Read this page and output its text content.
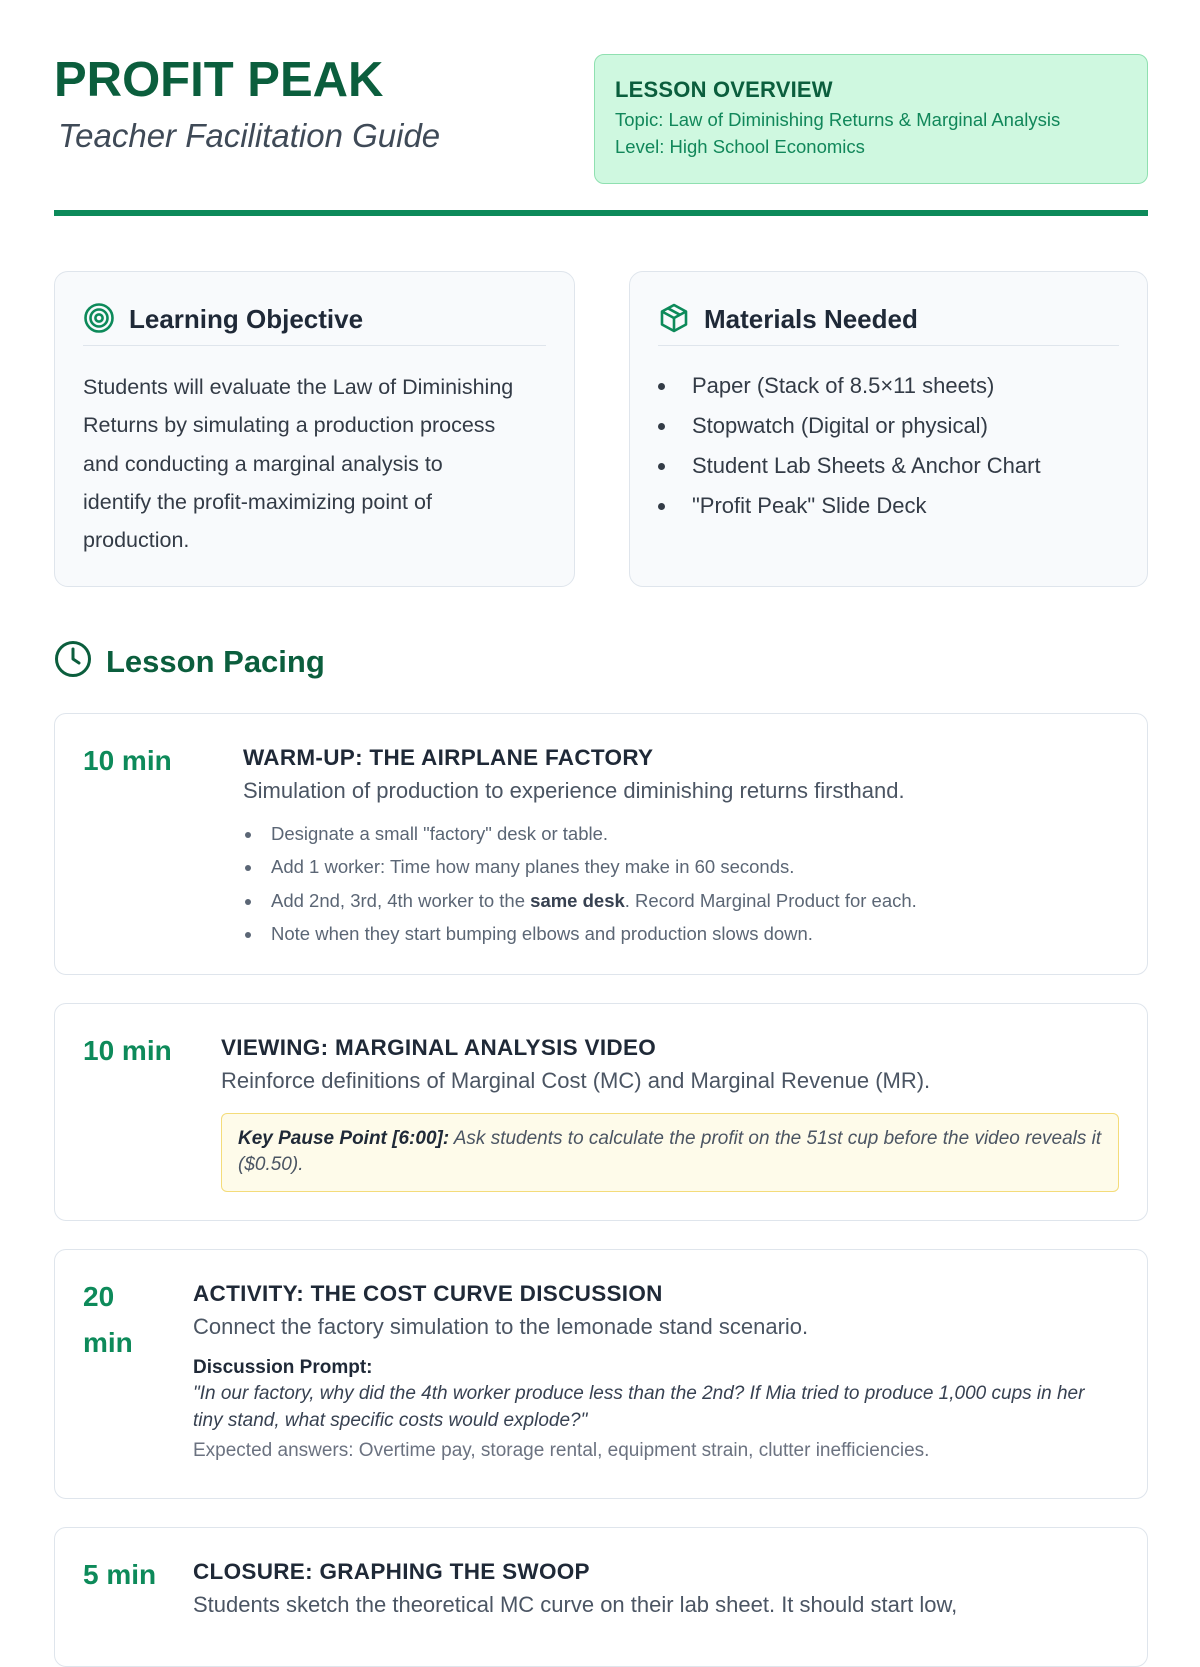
PROFIT PEAK
Teacher Facilitation Guide
LESSON OVERVIEW
Topic: Law of Diminishing Returns & Marginal Analysis
Level: High School Economics
Learning Objective
Students will evaluate the Law of Diminishing Returns by simulating a production process and conducting a marginal analysis to identify the profit-maximizing point of production.
Materials Needed
Paper (Stack of 8.5×11 sheets)
Stopwatch (Digital or physical)
Student Lab Sheets & Anchor Chart
"Profit Peak" Slide Deck
Lesson Pacing
10 min	WARM-UP: THE AIRPLANE FACTORY
Simulation of production to experience diminishing returns firsthand.
Designate a small "factory" desk or table.
Add 1 worker: Time how many planes they make in 60 seconds.
Add 2nd, 3rd, 4th worker to the same desk. Record Marginal Product for each.
Note when they start bumping elbows and production slows down.
10 min VIEWING: MARGINAL ANALYSIS VIDEO
Reinforce definitions of Marginal Cost (MC) and Marginal Revenue (MR).
Key Pause Point [6:00]: Ask students to calculate the profit on the 51st cup before the video reveals it ($0.50).
20 min
ACTIVITY: THE COST CURVE DISCUSSION
Connect the factory simulation to the lemonade stand scenario.
Discussion Prompt:
"In our factory, why did the 4th worker produce less than the 2nd? If Mia tried to produce 1,000 cups in her tiny stand, what specific costs would explode?"
Expected answers: Overtime pay, storage rental, equipment strain, clutter inefficiencies.
5 min CLOSURE: GRAPHING THE SWOOP
Students sketch the theoretical MC curve on their lab sheet. It should start low,
